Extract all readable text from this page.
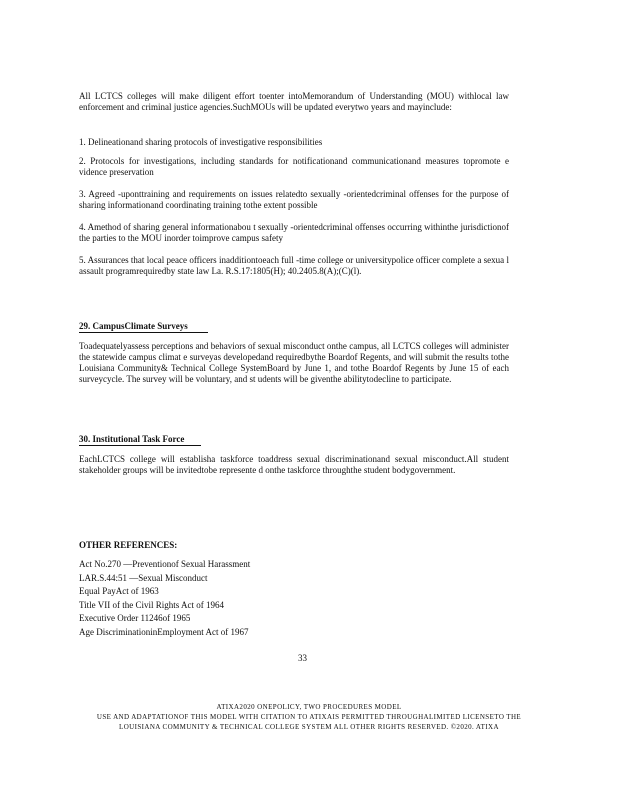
All LCTCS colleges will make diligent effort toenter intoMemorandum of Understanding (MOU) withlocal law enforcement and criminal justice agencies.SuchMOUs will be updated everytwo years and mayinclude:

1. Delineationand sharing protocols of investigative responsibilities

2. Protocols for investigations, including standards for notificationand communicationand measures topromote e vidence preservation

3. Agreed -uponttraining and requirements on issues relatedto sexually -orientedcriminal offenses for the purpose of sharing informationand coordinating training tothe extent possible

4. Amethod of sharing general informationabou t sexually -orientedcriminal offenses occurring withinthe jurisdictionof the parties to the MOU inorder toimprove campus safety

5. Assurances that local peace officers inadditiontoeach full -time college or universitypolice officer complete a sexua l assault programrequiredby state law La. R.S.17:1805(H); 40.2405.8(A);(C)(l).

29. CampusClimate Surveys

Toadequatelyassess perceptions and behaviors of sexual misconduct onthe campus, all LCTCS colleges will administer the statewide campus climat e surveyas developedand requiredbythe Boardof Regents, and will submit the results tothe Louisiana Community& Technical College SystemBoard by June 1, and tothe Boardof Regents by June 15 of each surveycycle. The survey will be voluntary, and st udents will be giventhe abilitytodecline to participate.

30. Institutional Task Force

EachLCTCS college will establisha taskforce toaddress sexual discriminationand sexual misconduct.All student stakeholder groups will be invitedtobe represente d onthe taskforce throughthe student bodygovernment.

OTHER REFERENCES:
Act No.270 —Preventionof Sexual Harassment
LAR.S.44:51 —Sexual Misconduct
Equal PayAct of 1963
Title VII of the Civil Rights Act of 1964
Executive Order 11246of 1965
Age DiscriminationinEmployment Act of 1967
33
ATIXA2020 ONEPOLICY, TWO PROCEDURES MODEL
USE AND ADAPTATIONOF THIS MODEL WITH CITATION TO ATIXAIS PERMITTED THROUGHALIMITED LICENSETO THE LOUISIANA COMMUNITY & TECHNICAL COLLEGE SYSTEM ALL OTHER RIGHTS RESERVED. ©2020. ATIXA
